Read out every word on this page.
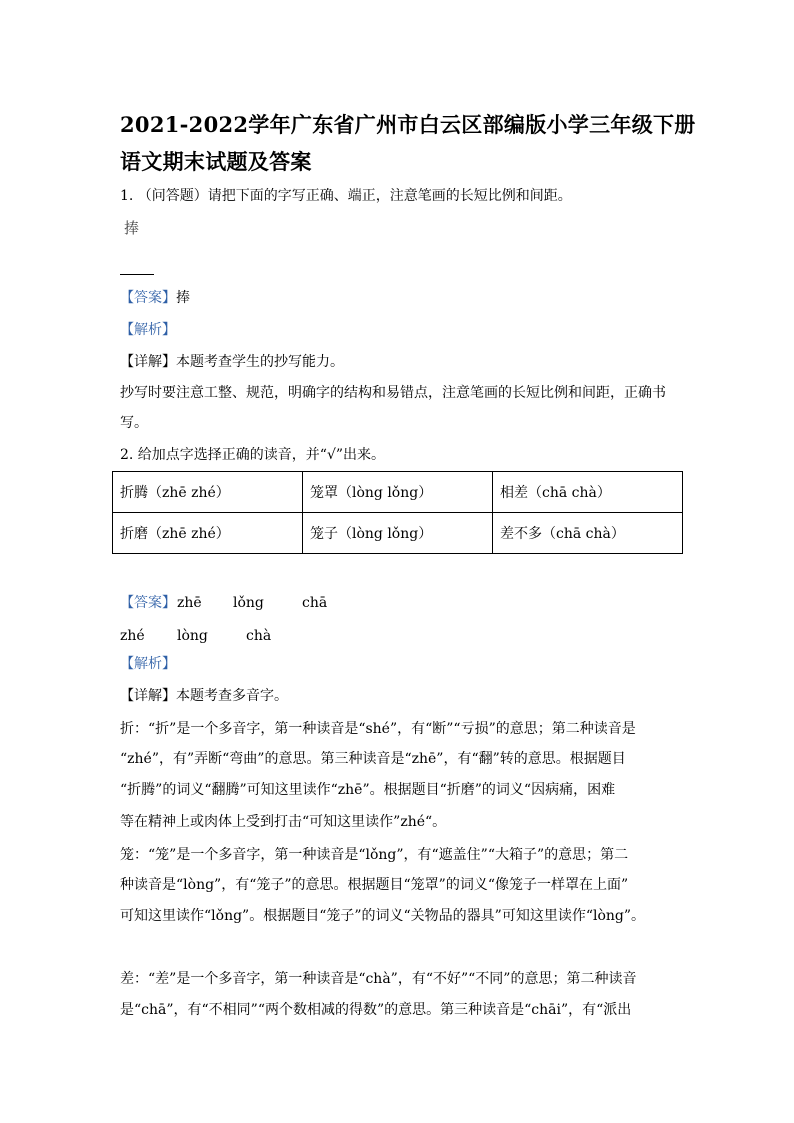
2021-2022学年广东省广州市白云区部编版小学三年级下册
语文期末试题及答案
1. （问答题）请把下面的字写正确、端正，注意笔画的长短比例和间距。
捧
【答案】捧
【解析】
【详解】本题考查学生的抄写能力。
抄写时要注意工整、规范，明确字的结构和易错点，注意笔画的长短比例和间距，正确书
写。
2. 给加点字选择正确的读音，并“√”出来。
折腾（zhē zhé）	笼罩（lòng lǒng）	相差（chā chà）
折磨（zhē zhé）	笼子（lòng lǒng）	差不多（chā chà）
【答案】 zhē lǒng	chā
zhé lòng	chà
【解析】
【详解】本题考查多音字。
折：“折”是一个多音字，第一种读音是“shé”，有“断”“亏损”的意思；第二种读音是
“zhé”，有”弄断“弯曲”的意思。第三种读音是“zhē”，有“翻”转的意思。根据题目
“折腾”的词义“翻腾”可知这里读作“zhē”。根据题目“折磨”的词义“因病痛，困难
等在精神上或肉体上受到打击“可知这里读作”zhé“。
笼：“笼”是一个多音字，第一种读音是“lǒng”，有“遮盖住”“大箱子”的意思；第二
种读音是“lòng”，有“笼子”的意思。根据题目“笼罩”的词义“像笼子一样罩在上面”
可知这里读作“lǒng”。根据题目“笼子”的词义“关物品的器具”可知这里读作“lòng”。
差：“差”是一个多音字，第一种读音是“chà”，有“不好”“不同”的意思；第二种读音
是“chā”，有“不相同”“两个数相减的得数”的意思。第三种读音是“chāi”，有“派出
